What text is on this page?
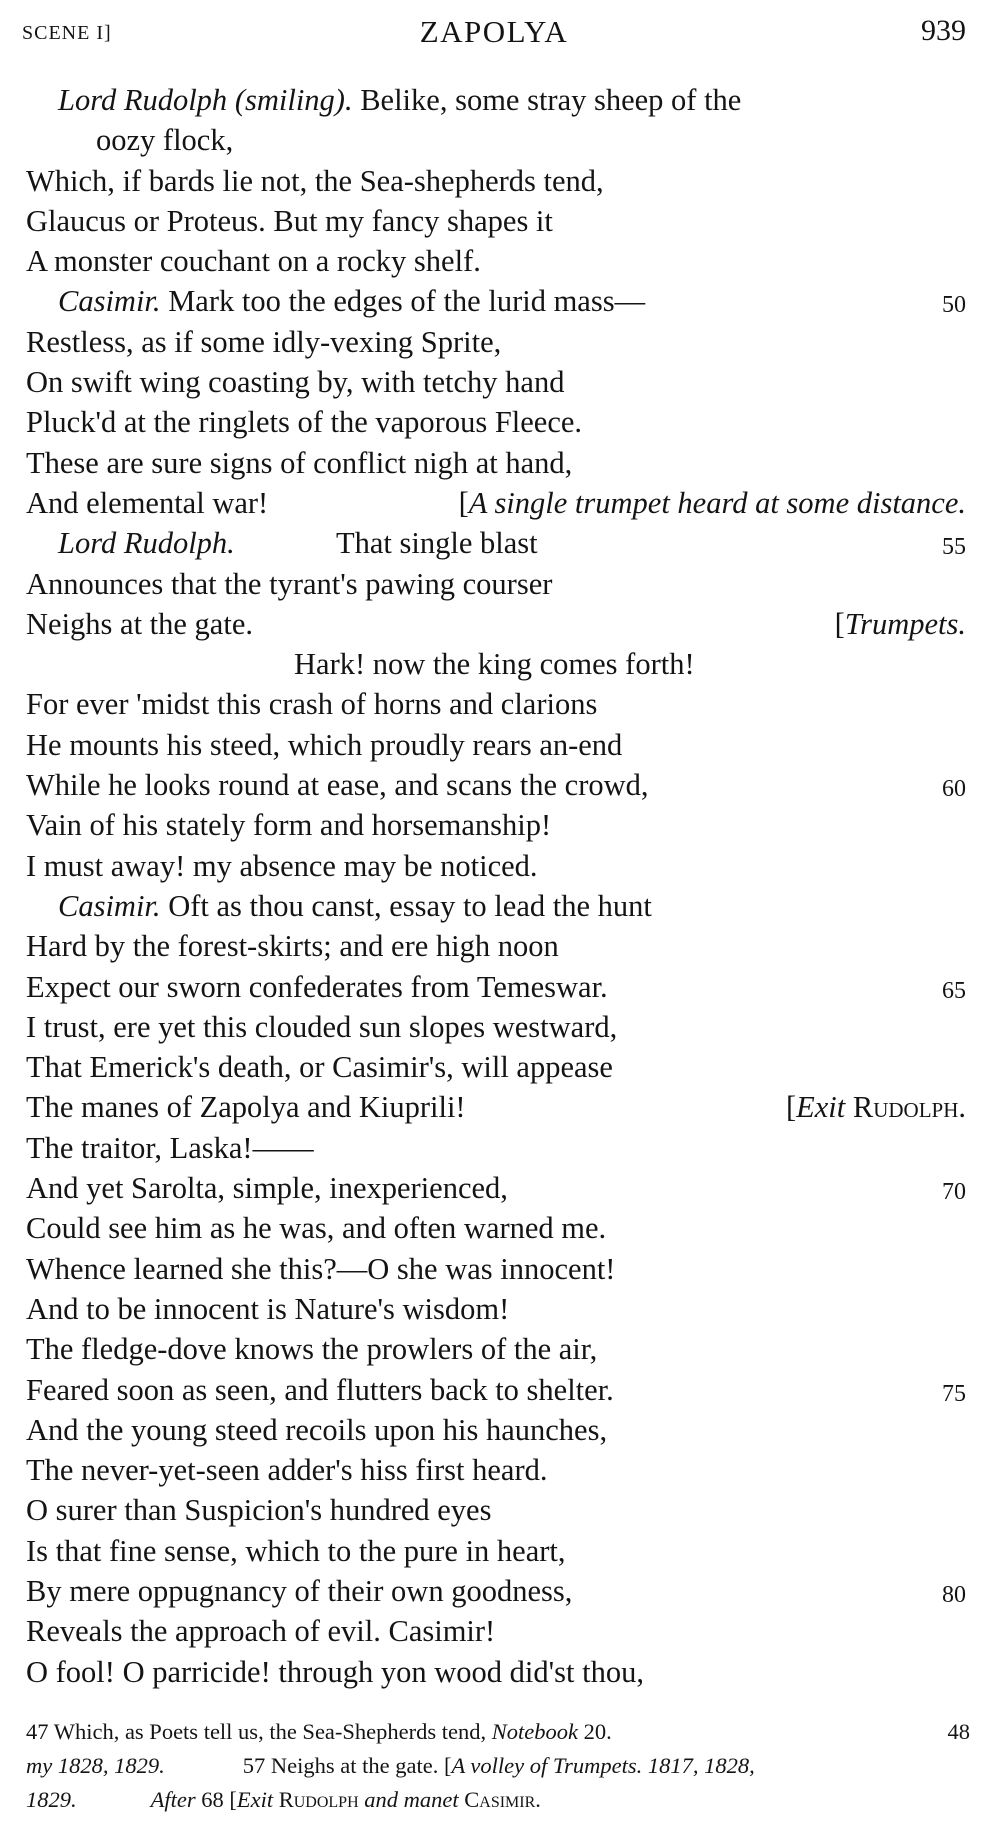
SCENE I]	ZAPOLYA	939
Lord Rudolph (smiling). Belike, some stray sheep of the
oozy flock,
Which, if bards lie not, the Sea-shepherds tend,
Glaucus or Proteus. But my fancy shapes it
A monster couchant on a rocky shelf.
Casimir. Mark too the edges of the lurid mass—	50
Restless, as if some idly-vexing Sprite,
On swift wing coasting by, with tetchy hand
Pluck'd at the ringlets of the vaporous Fleece.
These are sure signs of conflict nigh at hand,
And elemental war!	[A single trumpet heard at some distance.
Lord Rudolph.	That single blast	55
Announces that the tyrant's pawing courser
Neighs at the gate.	[Trumpets.
Hark! now the king comes forth!
For ever 'midst this crash of horns and clarions
He mounts his steed, which proudly rears an-end
While he looks round at ease, and scans the crowd,	60
Vain of his stately form and horsemanship!
I must away! my absence may be noticed.
Casimir. Oft as thou canst, essay to lead the hunt
Hard by the forest-skirts; and ere high noon
Expect our sworn confederates from Temeswar.	65
I trust, ere yet this clouded sun slopes westward,
That Emerick's death, or Casimir's, will appease
The manes of Zapolya and Kiuprili!	[Exit Rudolph.
The traitor, Laska!——
And yet Sarolta, simple, inexperienced,	70
Could see him as he was, and often warned me.
Whence learned she this?—O she was innocent!
And to be innocent is Nature's wisdom!
The fledge-dove knows the prowlers of the air,
Feared soon as seen, and flutters back to shelter.	75
And the young steed recoils upon his haunches,
The never-yet-seen adder's hiss first heard.
O surer than Suspicion's hundred eyes
Is that fine sense, which to the pure in heart,
By mere oppugnancy of their own goodness,	80
Reveals the approach of evil. Casimir!
O fool! O parricide! through yon wood did'st thou,
47 Which, as Poets tell us, the Sea-Shepherds tend, Notebook 20.	48
my 1828, 1829.	57 Neighs at the gate. [A volley of Trumpets. 1817, 1828,
1829.	After 68 [Exit Rudolph and manet Casimir.
